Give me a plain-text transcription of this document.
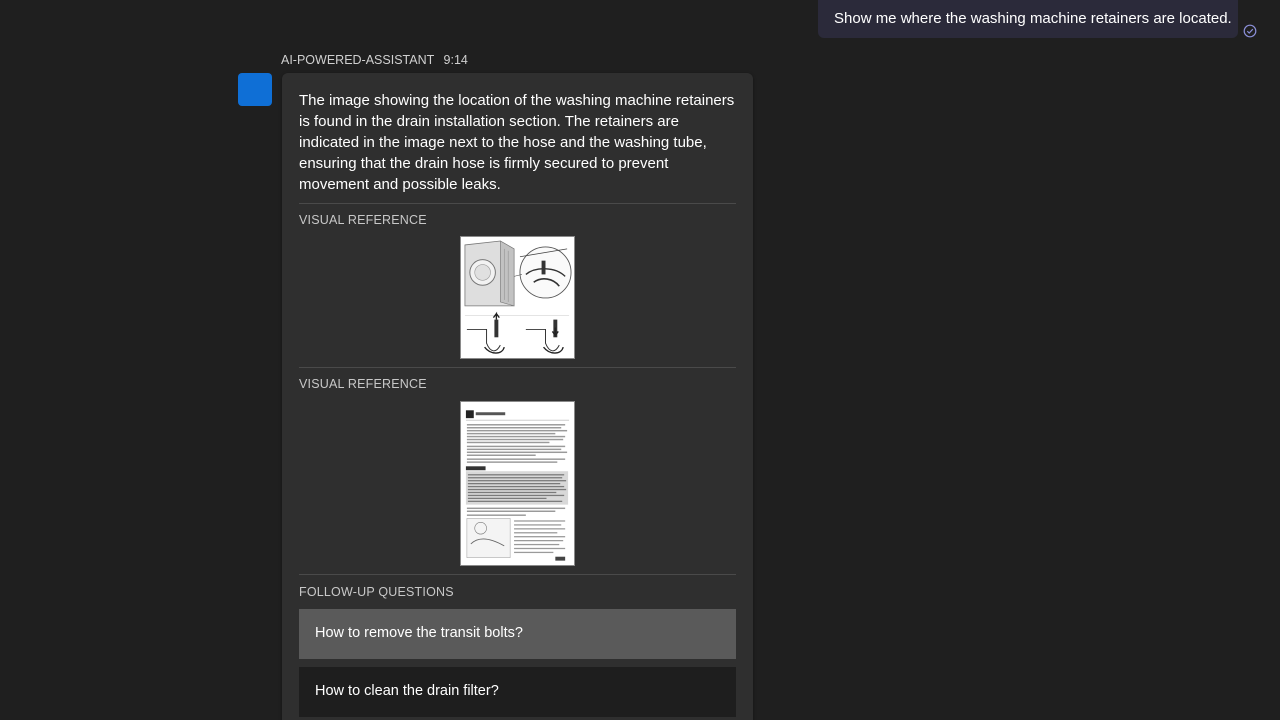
Show me where the washing machine retainers are located.
AI-POWERED-ASSISTANT 9:14
The image showing the location of the washing machine retainers
is found in the drain installation section. The retainers are
indicated in the image next to the hose and the washing tube,
ensuring that the drain hose is firmly secured to prevent
movement and possible leaks.
VISUAL REFERENCE
VISUAL REFERENCE
FOLLOW-UP QUESTIONS
How to remove the transit bolts?
How to clean the drain filter?
